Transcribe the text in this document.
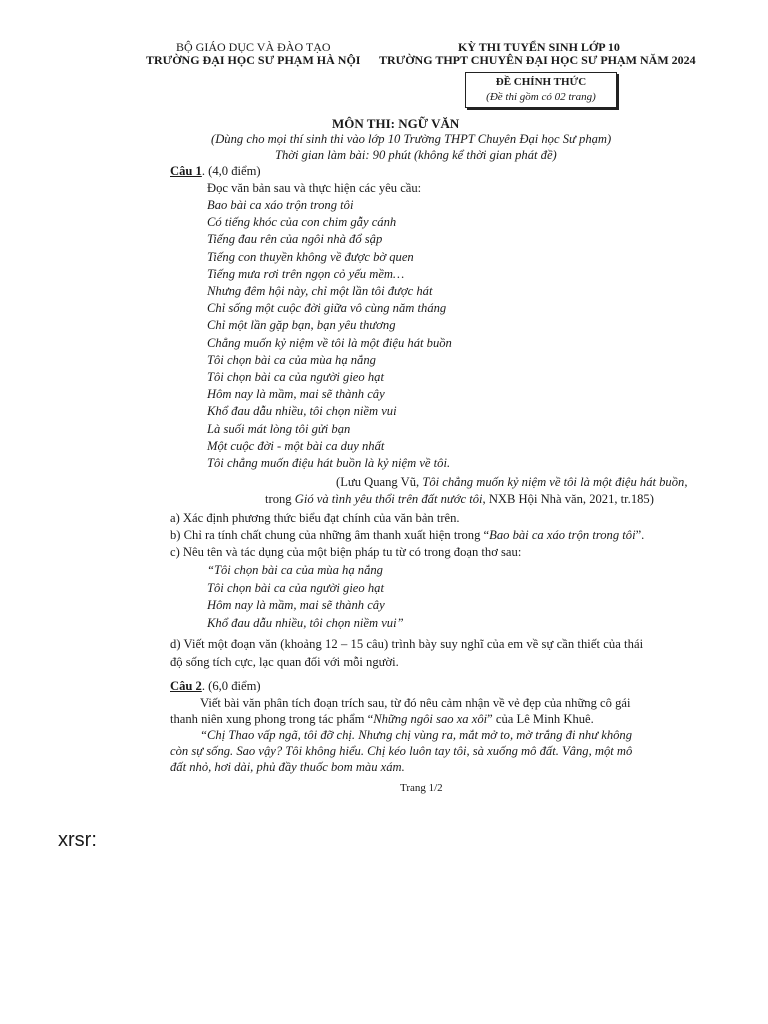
BỘ GIÁO DỤC VÀ ĐÀO TẠO
TRƯỜNG ĐẠI HỌC SƯ PHẠM HÀ NỘI
KỲ THI TUYỂN SINH LỚP 10
TRƯỜNG THPT CHUYÊN ĐẠI HỌC SƯ PHẠM NĂM 2024
ĐỀ CHÍNH THỨC
(Đề thi gồm có 02 trang)
MÔN THI: NGỮ VĂN
(Dùng cho mọi thí sinh thi vào lớp 10 Trường THPT Chuyên Đại học Sư phạm)
Thời gian làm bài: 90 phút (không kể thời gian phát đề)
Câu 1. (4,0 điểm)
Đọc văn bản sau và thực hiện các yêu cầu:
Bao bài ca xáo trộn trong tôi
Có tiếng khóc của con chim gẫy cánh
Tiếng đau rên của ngôi nhà đổ sập
Tiếng con thuyền không về được bờ quen
Tiếng mưa rơi trên ngọn cỏ yếu mềm…
Nhưng đêm hội này, chỉ một lần tôi được hát
Chỉ sống một cuộc đời giữa vô cùng năm tháng
Chỉ một lần gặp bạn, bạn yêu thương
Chẳng muốn kỷ niệm về tôi là một điệu hát buồn
Tôi chọn bài ca của mùa hạ nắng
Tôi chọn bài ca của người gieo hạt
Hôm nay là mầm, mai sẽ thành cây
Khổ đau dẫu nhiều, tôi chọn niềm vui
Là suối mát lòng tôi gửi bạn
Một cuộc đời - một bài ca duy nhất
Tôi chẳng muốn điệu hát buồn là kỷ niệm về tôi.
(Lưu Quang Vũ, Tôi chẳng muốn kỷ niệm về tôi là một điệu hát buồn,
trong Gió và tình yêu thổi trên đất nước tôi, NXB Hội Nhà văn, 2021, tr.185)
a) Xác định phương thức biểu đạt chính của văn bản trên.
b) Chỉ ra tính chất chung của những âm thanh xuất hiện trong “Bao bài ca xáo trộn trong tôi”.
c) Nêu tên và tác dụng của một biện pháp tu từ có trong đoạn thơ sau:
“Tôi chọn bài ca của mùa hạ nắng
Tôi chọn bài ca của người gieo hạt
Hôm nay là mầm, mai sẽ thành cây
Khổ đau dẫu nhiều, tôi chọn niềm vui”
d) Viết một đoạn văn (khoảng 12 – 15 câu) trình bày suy nghĩ của em về sự cần thiết của thái
độ sống tích cực, lạc quan đối với mỗi người.
Câu 2. (6,0 điểm)
Viết bài văn phân tích đoạn trích sau, từ đó nêu cảm nhận về vẻ đẹp của những cô gái
thanh niên xung phong trong tác phẩm “Những ngôi sao xa xôi” của Lê Minh Khuê.
“Chị Thao vấp ngã, tôi đỡ chị. Nhưng chị vùng ra, mắt mở to, mờ trắng đi như không
còn sự sống. Sao vậy? Tôi không hiểu. Chị kéo luôn tay tôi, sà xuống mô đất. Vâng, một mô
đất nhỏ, hơi dài, phủ đầy thuốc bom màu xám.
Trang 1/2
xrsr:
